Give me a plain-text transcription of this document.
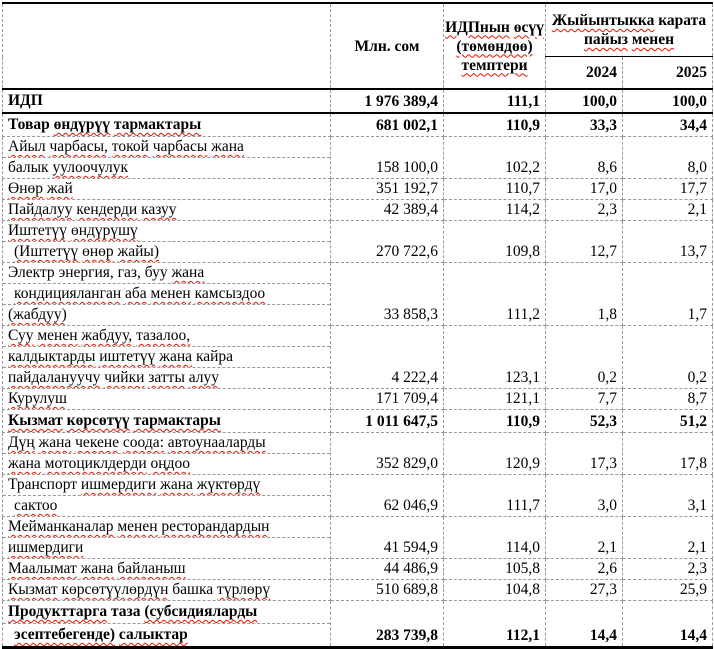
	Млн. сом	
ИДПнын өсүү
(төмөндөө)
темптери

Жыйынтыкка карата
пайыз менен

			2024	2025

ИДП	1 976 389,4	111,1	100,0	100,0

Товар өндүрүү тармактары	681 002,1	110,9	33,3	34,4

Айыл чарбасы, токой чарбасы жана
балык уулоочулук	158 100,0	102,2	8,6	8,0

Өнөр жай	351 192,7	110,7	17,0	17,7

Пайдалуу кендерди казуу	42 389,4	114,2	2,3	2,1

Иштетүү өндүрүшү
(Иштетүү өнөр жайы)	270 722,6	109,8	12,7	13,7

Электр энергия, газ, буу жана
кондицияланган аба менен камсыздоо
(жабдуу)	33 858,3	111,2	1,8	1,7

Суу менен жабдуу, тазалоо,
калдыктарды иштетүү жана кайра
пайдалануучу чийки затты алуу	4 222,4	123,1	0,2	0,2

Курулуш	171 709,4	121,1	7,7	8,7

Кызмат көрсөтүү тармактары	1 011 647,5	110,9	52,3	51,2

Дүң жана чекене соода: автоунааларды
жана мотоциклдерди оңдоо	352 829,0	120,9	17,3	17,8

Транспорт ишмердиги жана жүктөрдү
сактоо	62 046,9	111,7	3,0	3,1

Мейманканалар менен ресторандардын
ишмердиги	41 594,9	114,0	2,1	2,1

Маалымат жана байланыш	44 486,9	105,8	2,6	2,3

Кызмат көрсөтүүлөрдүн башка түрлөрү	510 689,8	104,8	27,3	25,9

Продукттарга таза (субсидияларды
эсептебегенде) салыктар	283 739,8	112,1	14,4	14,4
